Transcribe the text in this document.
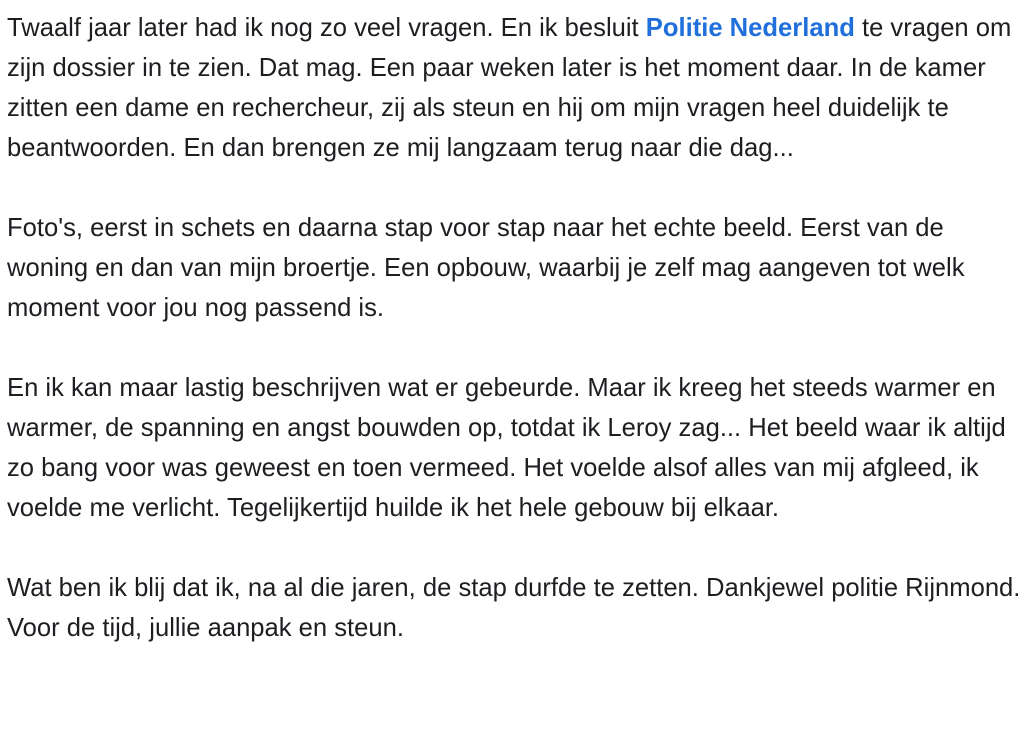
Twaalf jaar later had ik nog zo veel vragen. En ik besluit Politie Nederland te vragen om zijn dossier in te zien. Dat mag. Een paar weken later is het moment daar. In de kamer zitten een dame en rechercheur, zij als steun en hij om mijn vragen heel duidelijk te beantwoorden. En dan brengen ze mij langzaam terug naar die dag...

Foto's, eerst in schets en daarna stap voor stap naar het echte beeld. Eerst van de woning en dan van mijn broertje. Een opbouw, waarbij je zelf mag aangeven tot welk moment voor jou nog passend is.

En ik kan maar lastig beschrijven wat er gebeurde. Maar ik kreeg het steeds warmer en warmer, de spanning en angst bouwden op, totdat ik Leroy zag... Het beeld waar ik altijd zo bang voor was geweest en toen vermeed. Het voelde alsof alles van mij afgleed, ik voelde me verlicht. Tegelijkertijd huilde ik het hele gebouw bij elkaar.

Wat ben ik blij dat ik, na al die jaren, de stap durfde te zetten. Dankjewel politie Rijnmond. Voor de tijd, jullie aanpak en steun.
